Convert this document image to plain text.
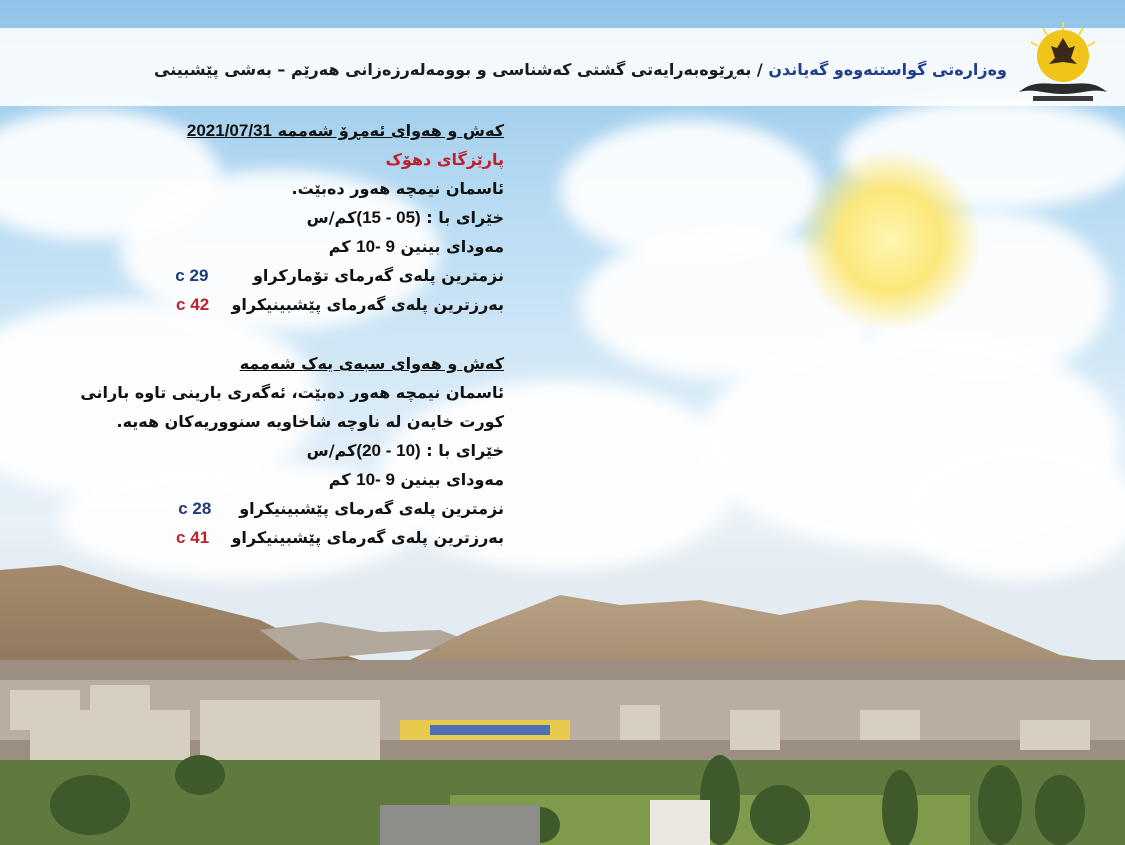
وەزارەتی گواستنەوەو گەیاندن / بەڕێوەبەرایەتی گشتی کەشناسی و بوومەلەرزەزانی هەرێم – بەشی پێشبینی
کەش و هەوای ئەمڕۆ شەممە 2021/07/31
پارێزگای دهۆک
ئاسمان نیمچە هەور دەبێت.
خێرای با : (05 - 15)کم/س
مەودای بینین 9 -10 کم
نزمترین پلەی گەرمای تۆمارکراو        29 c
بەرزترین پلەی گەرمای پێشبینیکراو    42 c
کەش و هەوای سبەی یەک شەممە
ئاسمان نیمچە هەور دەبێت، ئەگەری بارینی تاوە بارانی کورت خایەن لە ناوچە شاخاویە سنووریەکان هەیە.
خێرای با : (10 - 20)کم/س
مەودای بینین 9 -10 کم
نزمترین پلەی گەرمای پێشبینیکراو     28 c
بەرزترین پلەی گەرمای پێشبینیکراو    41 c
